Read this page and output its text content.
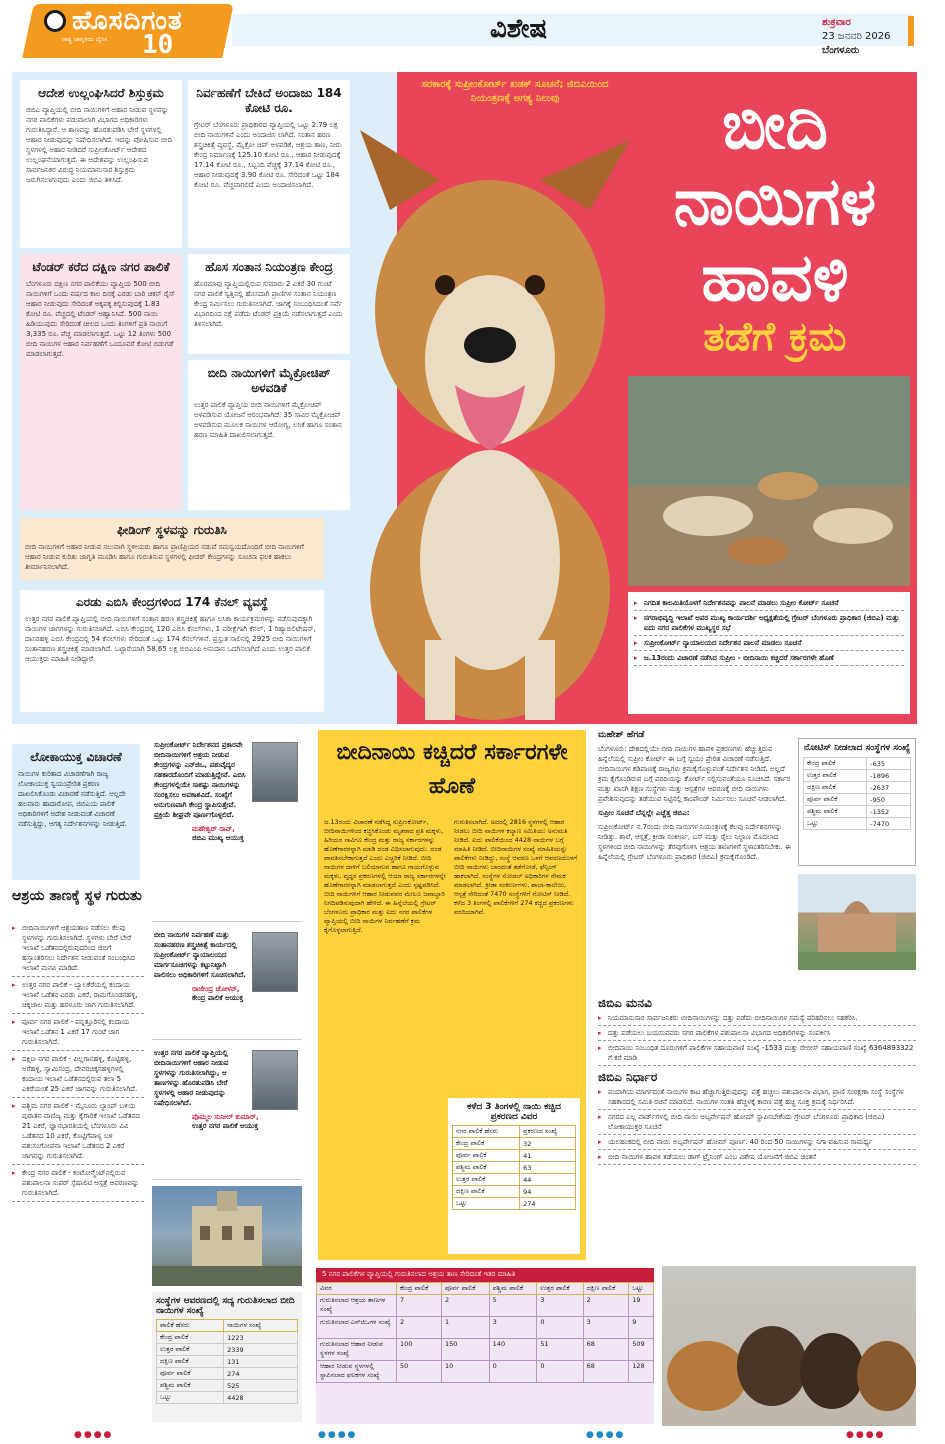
ಹೊಸದಿಗಂತ
ರಾಷ್ಟ್ರ ಜಾಗೃತಿಯ ದೈನಿಕ 10
ವಿಶೇಷ	ಶುಕ್ರವಾರ
23 ಜನವರಿ 2026
ಬೆಂಗಳೂರು
ಆದೇಶ ಉಲ್ಲಂಘಿಸಿದರೆ ಶಿಸ್ತುಕ್ರಮ

ಜಿಬಿಎ ವ್ಯಾಪ್ತಿಯಲ್ಲಿ ಬೀದಿ ನಾಯಿಗಳಿಗೆ ಆಹಾರ ನೀಡುವ ಸ್ಥಳವನ್ನು ನಗರ ಪಾಲಿಕೆಗಳು ಪಡುವಾಲಾಗಿ ವಿಭಾಗದ ಅಧಿಕಾರಿಗಳು ಗುರುತಿಸಿದ್ದಾರೆ. ಆ ತಾಣವನ್ನು ಹೊರತುಪಡಿಸಿ ಬೇರೆ ಸ್ಥಳಗಳಲ್ಲಿ ಆಹಾರ ನೀಡುವುದನ್ನು ನಿಷೇಧಿಸಲಾಗಿದೆ. ಇದನ್ನು ಪೋಷಿಸುವ ಬೀದಿ ಸ್ಥಳಗಳಲ್ಲಿ ಆಹಾರ ನೀಡಿದರೆ ಸುಪ್ರೀಂಕೋರ್ಟ್ ಆದೇಶದ ಉಲ್ಲಂಘನೆಯಾಗುತ್ತದೆ. ಈ ಆದೇಶವನ್ನು ಉಲ್ಲಂಘಿಸುವ ಸಾರ್ವಜನಿಕರ ವಿರುದ್ಧ ನಿಯಮಾನುಸಾರ ಶಿಸ್ತುಕ್ರಮ ಜರುಗಿಸಲಾಗುವುದು ಎಂದು ಜಿಬಿಎ ತಿಳಿಸಿದೆ.

ನಿರ್ವಹಣೆಗೆ ಬೇಕಿದೆ ಅಂದಾಜು 184 ಕೋಟಿ ರೂ.

ಗ್ರೇಟರ್ ಬೆಂಗಳೂರು ಪ್ರಾಧಿಕಾರದ ವ್ಯಾಪ್ತಿಯಲ್ಲಿ ಒಟ್ಟು 2.79 ಲಕ್ಷ ಬೀದಿ ನಾಯಿಗಳಿವೆ ಎಂದು ಅಂದಾಜಿಸ ಲಾಗಿದೆ. ಸಂತಾನ ಹರಣ ಶಸ್ತ್ರಚಿಕಿತ್ಸೆ ವ್ಯವಸ್ಥೆ, ಮೈಕ್ರೋ ಚಿಪ್ ಅಳವಡಿಕೆ, ಆಶ್ರಯ ತಾಣ, ನೀರು ಕೇಂದ್ರ ನಿರ್ಮಾಣಕ್ಕೆ 125.10 ಕೋಟಿ ರೂ., ಆಹಾರ ನೀಡುವುದಕ್ಕೆ 17.14 ಕೋಟಿ ರೂ., ಸಿಬ್ಬಂದಿ ವೆಚ್ಚಕ್ಕೆ 37.14 ಕೋಟಿ ರೂ., ಆಹಾರ ನೀಡುವುದಕ್ಕೆ 3.90 ಕೋಟಿ ರೂ. ಸೇರಿದಂತೆ ಒಟ್ಟು 184 ಕೋಟಿ ರೂ. ವೆಚ್ಚವಾಗಲಿದೆ ಎಂದು ಅಂದಾಜಿಸಲಾಗಿದೆ.

ಟೆಂಡರ್ ಕರೆದ ದಕ್ಷಿಣ ನಗರ ಪಾಲಿಕೆ

ಬೆಂಗಳೂರು ದಕ್ಷಿಣ ನಗರ ಪಾಲಿಕೆಯು ವ್ಯಾಪ್ತಿಯ 500 ಬೀದಿ ನಾಯಿಗಳಿಗೆ ಒಂದು ವರ್ಷದ ಕಾಲ ದಿನಕ್ಕೆ ಎರಡು ಬಾರಿ ಚಿಕನ್ ರೈಸ್ ಆಹಾರ ನೀಡುವುದು ಸೇರಿದಂತೆ ಅಕ್ಕಪಕ್ಕ ಕಲ್ಪಿಸುವುದಕ್ಕೆ 1.83 ಕೋಟಿ ರೂ. ವೆಚ್ಚದಲ್ಲಿ ಟೆಂಡರ್ ಆಹ್ವಾನಿಸಿದೆ. 500 ನಾಯಿ ಹಿಡಿಯುವುದು ಸೇರಿದಂತೆ ಚೀಲದ ಒಂದು ತಿಂಗಳಿಗೆ ಪ್ರತಿ ನಾಯಿಗೆ 3,335 ರೂ. ವೆಚ್ಚ ಮಾಡಲಾಗುತ್ತದೆ. ಒಟ್ಟು 12 ತಿಂಗಳು 500 ಬೀದಿ ನಾಯಿಗಳ ಆಹಾರ ನಿರ್ವಹಣೆಗೆ ಒಂದೂವರೆ ಕೋಟಿ ಬಿಡುಗಡೆ ಮಾಡಲಾಗುತ್ತದೆ.

ಹೊಸ ಸಂತಾನ ನಿಯಂತ್ರಣ ಕೇಂದ್ರ

ಹೊರಮಾವು ವ್ಯಾಪ್ತಿಯಲ್ಲಿರುವ ಸುಮಾರು 2 ಎಕರೆ 30 ಗುಂಟೆ ನಗರ ಪಾಲಿಕೆ ಸ್ವತ್ತಿನಲ್ಲಿ ಹೊಸದಾಗಿ ಪ್ರಾಣಿಗಳ ಸಂತಾನ ನಿಯಂತ್ರಣ ಕೇಂದ್ರ ನಿರ್ಮಿಸಲು ಗುರುತಿಸಲಾಗಿದೆ. ಜಾಗಕ್ಕೆ ಸಂಬಂಧಿಸಿದಂತೆ ಸರ್ವೆ ವಿಭಾಗದಿಂದ ನಕ್ಷೆ ಪಡೆದು ಟೆಂಡರ್ ಪ್ರಕ್ರಿಯೆ ನಡೆಸಲಾಗುತ್ತದೆ ಎಂದು ತಿಳಿಸಲಾಗಿದೆ.

ಬೀದಿ ನಾಯಿಗಳಿಗೆ ಮೈಕ್ರೋಚಿಪ್ ಅಳವಡಿಕೆ

ಉತ್ತರ ಪಾಲಿಕೆ ವ್ಯಾಪ್ತಿಯ ಬೀದಿ ನಾಯಿಗಳಿಗೆ ಮೈಕ್ರೋಚಿಪ್ ಅಳವಡಿಸುವ ಯೋಜನೆ ಆರಂಭವಾಗಿದೆ. 35 ಸಾವಿರ ಮೈಕ್ರೋಚಿಪ್ ಅಳವಡಿಸುವ ಮೂಲಕ ನಾಯಿಗಳ ಆರೋಗ್ಯ, ಲಸಿಕೆ ಹಾಗೂ ಸಂತಾನ ಹರಣ ಮಾಹಿತಿ ದಾಖಲಿಸಲಾಗುತ್ತದೆ.

ಫೀಡಿಂಗ್ ಸ್ಥಳವನ್ನು ಗುರುತಿಸಿ

ಬೀದಿ ನಾಯಿಗಳಿಗೆ ಆಹಾರ ನೀಡುವ ಸಲುವಾಗಿ ಸ್ಥಳೀಯರು ಹಾಗೂ ಪ್ರಾಣಿಪ್ರಿಯರ ನಡುವೆ ಸಮನ್ವಯದೊಂದಿಗೆ ಬೀದಿ ನಾಯಿಗಳಿಗೆ ಆಹಾರ ನೀಡುವ ಕುರಿತು ಜಾಗೃತಿ ಮೂಡಿಸಿ ಹಾಗೂ ಗುರುತಿಸುವ ಸ್ಥಳಗಳಲ್ಲಿ ಫೀಡರ್ ಕೇಂದ್ರಗಳನ್ನು ಸೂಚನಾ ಫಲಕ ಹಾಕಲು ತೀರ್ಮಾನಿಸಲಾಗಿದೆ.

ಎರಡು ಎಬಿಸಿ ಕೇಂದ್ರಗಳಿಂದ 174 ಕೆನಲ್ ವ್ಯವಸ್ಥೆ

ಉತ್ತರ ನಗರ ಪಾಲಿಕೆ ವ್ಯಾಪ್ತಿಯಲ್ಲಿ ಬೀದಿ ನಾಯಿಗಳಿಗೆ ಸಂತಾನ ಹರಣ ಶಸ್ತ್ರಚಿಕಿತ್ಸೆ ಹಾಗೂ ಲಸಿಕಾ ಕಾರ್ಯಕ್ರಮಗಳನ್ನು ನಡೆಸುವುದಕ್ಕಾಗಿ ನಾಯಿಗಳ ಜಾಗಗಳನ್ನು ಗುರುತಿಸಲಾಗಿದೆ. ಎಬಿಸಿ ಕೇಂದ್ರದಲ್ಲಿ 120 ಎಬಿಸಿ ಕೆನಲ್‌ಗಳು, 1 ಪರೀಕ್ಷೆಗಾಗಿ ಕೆನಲ್, 1 ರಿಹ್ಯಾಬಿಲಿಟೇಷನ್, ದಾಸರಹಳ್ಳಿ ಎಬಿಸಿ ಕೇಂದ್ರದಲ್ಲಿ 54 ಕೆನಲ್‌ಗಳು ಸೇರಿದಂತೆ ಒಟ್ಟು 174 ಕೆನಲ್‌ಗಳಿವೆ. ಪ್ರಸ್ತುತ ಸಾಲಿನಲ್ಲಿ 2925 ಬೀದಿ ನಾಯಿಗಳಿಗೆ ಸಂತಾನಹರಣ ಶಸ್ತ್ರಚಿಕಿತ್ಸೆ ಮಾಡಲಾಗಿದೆ. ಒಟ್ಟಾರೆಯಾಗಿ 58,65 ಲಕ್ಷ ಬಿಬಿಎಂಪಿ ಅನುದಾನ ಒದಗಿಸಲಾಗಿದೆ ಎಂದು ಉತ್ತರ ಪಾಲಿಕೆ ಆಯುಕ್ತರು ಮಾಹಿತಿ ನೀಡಿದ್ದಾರೆ.

ಸರಕಾರಕ್ಕೆ ಸುಪ್ರೀಂಕೋರ್ಟ್ ಖಡಕ್ ಸೂಚನೆ; ಜಿಬಿಎಯಿಂದ ನಿಯಂತ್ರಣಕ್ಕೆ ಅಗತ್ಯ ನಿಲುವು	ಬೀದಿ ನಾಯಿಗಳ ಹಾವಳಿ
ತಡೆಗೆ ಕ್ರಮ
▸ ನಿಗದಿತ ಕಾಲಮಿತಿಯೊಳಗೆ ನಿರ್ದೇಶನವನ್ನು ಪಾಲನೆ ಮಾಡಲು ಸುಪ್ರೀಂ ಕೋರ್ಟ್ ಸೂಚನೆ
▸ ನಗರಾಭಿವೃದ್ಧಿ ಇಲಾಖೆ ಅಪರ ಮುಖ್ಯ ಕಾರ್ಯದರ್ಶಿ ಅಧ್ಯಕ್ಷತೆಯಲ್ಲಿ ಗ್ರೇಟರ್ ಬೆಂಗಳೂರು ಪ್ರಾಧಿಕಾರ (ಜಿಬಿಎ) ಮತ್ತು ಐದು ನಗರ ಪಾಲಿಕೆಗಳ ಮುಖ್ಯಸ್ಥರ ಸಭೆ
▸ ಸುಪ್ರೀಂಕೋರ್ಟ್ ನ್ಯಾಯಾಲಯದ ನಿರ್ದೇಶನ ಪಾಲನೆ ಮಾಡಲು ಸೂಚನೆ
▸ ಜ.13ರಂದು ವಿಚಾರಣೆ ನಡೆಸಿದ ಸುಪ್ರೀಂ - ಬೀದಿನಾಯಿ ಕಚ್ಚಿದರೆ ಸರ್ಕಾರಗಳೇ ಹೊಣೆ
ಲೋಕಾಯುಕ್ತ ವಿಚಾರಣೆ

ನಾಯಿಗಳ ಕುರಿತಾದ ವಿಚಾರಣೆಗಾಗಿ ರಾಜ್ಯ ಲೋಕಾಯುಕ್ತ ಸ್ವಯಂಪ್ರೇರಿತ ಪ್ರಕರಣ ದಾಖಲಿಸಿಕೊಂಡು ವಿಚಾರಣೆ ನಡೆಸುತ್ತಿದೆ. ಅಲ್ಲದೇ ಹಲವಾರು ಹಾದಾರೋಪ, ಜಿಬಿಎಯ ಪಾಲಿಕೆ ಅಧಿಕಾರಿಗಳಿಗೆ ಆದೇಶ ನೀಡುವಂತೆ ವಿಚಾರಣೆ ನಡೆಸುತ್ತಿದ್ದು, ಆಗತ್ಯ ನಿರ್ದೇಶನಗಳನ್ನು ನೀಡುತ್ತಿದೆ.

ಆಶ್ರಯ ತಾಣಕ್ಕೆ ಸ್ಥಳ ಗುರುತು
▸ ಬೀದಿನಾಯಿಗಳಿಗೆ ಆಶ್ರಯತಾಣ ನಡೆಸಲು ಕೆಲವು ಸ್ಥಳಗಳನ್ನು ಗುರುತಿಸಲಾಗಿದೆ. ಸ್ಥಳಗಳು ಬೇರೆ ಬೇರೆ ಇಲಾಖೆ ಒಡೆತನದಲ್ಲಿರುವುದರಿಂದ ಜಿಬಿಗೆ ಹಸ್ತಾಂತರಿಸಲು ನಿರ್ದೇಶನ ನೀಡುವಂತೆ ಸಂಬಂಧಿಸಿದ ಇಲಾಖೆ ಮನವಿ ಮಾಡಿದೆ.
▸ ಉತ್ತರ ನಗರ ಪಾಲಿಕೆ - ಬ್ಯಾಲಕೆರೆಯಲ್ಲಿ ಕಂದಾಯ ಇಲಾಖೆ ಒಡೆತನ ಎರಡು ಎಕರೆ, ರಾಮಗೊಂಡನಹಳ್ಳಿ, ಚಿಕ್ಕಜಾಲ ಮತ್ತು ಹರಳೂರು ಜಾಗ ಗುರುತಿಸಲಾಗಿದೆ.
▸ ಪೂರ್ವ ನಗರ ಪಾಲಿಕೆ - ಪನ್ನತ್ತೂರಿನಲ್ಲಿ ಕಂದಾಯ ಇಲಾಖೆ ಒಡೆತನ 1 ಎಕರೆ 17 ಗುಂಟೆ ಜಾಗ ಗುರುತಿಸಲಾಗಿದೆ.
▸ ದಕ್ಷಿಣ ನಗರ ಪಾಲಿಕೆ - ಪಿಲ್ಲಗಾನಹಳ್ಳಿ, ಕೊಟ್ಟಿಹಳ್ಳಿ, ಅರೆಹಳ್ಳಿ, ಸ್ವಾಮಿಸಂದ್ರ, ದೇವರಚಿಕ್ಕನಹಳ್ಳಿಗಳಲ್ಲಿ ಕಂದಾಯ ಇಲಾಖೆ ಒಡೆತನದಲ್ಲಿರುವ ತಲಾ 5 ಎಕರೆಯಂತೆ 25 ಎಕರೆ ಜಾಗವನ್ನು ಗುರುತಿಸಲಾಗಿದೆ.
▸ ಪಶ್ಚಿಮ ನಗರ ಪಾಲಿಕೆ - ಮೈಸೂರು ಲ್ಯಾಂಪ್ ಬಳಿಯ ಪುರಾತನ ವಾಣಿಜ್ಯ ಮತ್ತು ಕೈಗಾರಿಕೆ ಇಲಾಖೆ ಒಡೆತನದ 21 ಎಕರೆ, ಜ್ಞಾನಭಾರತಿಯಲ್ಲಿ ಬೆಂಗಳೂರು ವಿವಿ ಒಡೆತನದ 10 ಎಕರೆ, ಕೊಟ್ಟಿಗೆಪಾಳ್ಯ ಬಳಿ ಪಶುಸಂಗೋಪನಾ ಇಲಾಖೆ ಒಡೆತನದ 2 ಎಕರೆ ಜಾಗವನ್ನು ಗುರುತಿಸಲಾಗಿದೆ.
▸ ಕೇಂದ್ರ ನಗರ ಪಾಲಿಕೆ - ಕಂಟೋನ್ಮೆಂಟ್‌ನಲ್ಲಿರುವ ಪಶುಪಾಲನಾ ಸುಪರ್ ಸ್ಪೆಷಾಲಿಟಿ ಆಸ್ಪತ್ರೆ ಆವರಣವನ್ನು ಗುರುತಿಸಲಾಗಿದೆ.

ಸುಪ್ರೀಂಕೋರ್ಟ್ ನಿರ್ದೇಶನದ ಪ್ರಕಾರವೇ ಬೀದಿನಾಯಿಗಳಿಗೆ ಆಶ್ರಯ ನೀಡುವ ಕೇಂದ್ರಗಳನ್ನು ಎನ್‌ಜಿಒ, ಪಶುವೈದ್ಯರ ಸಹಕಾರದೊಂದಿಗೆ ಮಾಡುತ್ತಿದ್ದೇವೆ. ಎಬಿಸಿ ಕೇಂದ್ರಗಳಲ್ಲಿಯೇ ಸಾಕಷ್ಟು ನಾಯಿಗಳನ್ನು ಸಂರಕ್ಷಿಸಲು ಅವಕಾಶವಿದೆ. ಸಂಖ್ಯೆಗೆ ಅನುಗುಣವಾಗಿ ಕೇಂದ್ರ ಸ್ಥಾಪಿಸುತ್ತೇವೆ. ಪ್ರಕ್ರಿಯೆ ಶೀಘ್ರವೇ ಪೂರ್ಣಗೊಳ್ಳಲಿದೆ.

ಮಹೇಶ್ವರ್ ರಾವ್,
ಜಿಬಿಎ ಮುಖ್ಯ ಆಯುಕ್ತ

ಬೀದಿ ನಾಯಿಗಳ ನಿರ್ವಹಣೆ ಮತ್ತು ಸಂತಾನಹರಣ ಶಸ್ತ್ರಚಿಕಿತ್ಸೆ ಕಾರ್ಯದಲ್ಲಿ ಸುಪ್ರೀಂಕೋರ್ಟ್ ನ್ಯಾಯಾಲಯದ ಮಾರ್ಗಸೂಚಿಗಳನ್ನು ಕಟ್ಟುನಿಟ್ಟಾಗಿ ಪಾಲಿಸಲು ಅಧಿಕಾರಿಗಳಿಗೆ ಸೂಚಿಸಲಾಗಿದೆ.

ರಾಜೇಂದ್ರ ಚೋಳನ್,
ಕೇಂದ್ರ ಪಾಲಿಕೆ ಆಯುಕ್ತ

ಉತ್ತರ ನಗರ ಪಾಲಿಕೆ ವ್ಯಾಪ್ತಿಯಲ್ಲಿ ಬೀದಿನಾಯಿಗಳಿಗೆ ಆಹಾರ ನೀಡುವ ಸ್ಥಳಗಳನ್ನು ಗುರುತಿಸಲಾಗಿದ್ದು, ಆ ತಾಣಗಳನ್ನು ಹೊರತುಪಡಿಸಿ ಬೇರೆ ಸ್ಥಳಗಳಲ್ಲಿ ಆಹಾರ ನೀಡುವುದನ್ನು ನಿಷೇಧಿಸಲಾಗಿದೆ.

ಪೊಮ್ಮಲ ಸುನೀಲ್ ಕುಮಾರ್,
ಉತ್ತರ ನಗರ ಪಾಲಿಕೆ ಆಯುಕ್ತ
ಸಂಸ್ಥೆಗಳ ಆವರಣದಲ್ಲಿ ಸದ್ಯ ಗುರುತಿಸಲಾದ ಬೀದಿ ನಾಯಿಗಳ ಸಂಖ್ಯೆ
ಪಾಲಿಕೆ ಹೆಸರು	ನಾಯಿಗಳ ಸಂಖ್ಯೆ
ಕೇಂದ್ರ ಪಾಲಿಕೆ	1223
ಉತ್ತರ ಪಾಲಿಕೆ	2339
ದಕ್ಷಿಣ ಪಾಲಿಕೆ	131
ಪೂರ್ವ ಪಾಲಿಕೆ	274
ಪಶ್ಚಿಮ ಪಾಲಿಕೆ	525
ಒಟ್ಟು	4428
ಬೀದಿನಾಯಿ ಕಚ್ಚಿದರೆ ಸರ್ಕಾರಗಳೇ ಹೊಣೆ

ಜ.13ರಂದು ವಿಚಾರಣೆ ನಡೆಸಿದ್ದ ಸುಪ್ರೀಂಕೋರ್ಟ್, ಬೀದಿನಾಯಿಗಳಿಂದ ಕಚ್ಚಿಸಿಕೊಂಡು ಮೃತರಾದ ಪ್ರತಿ ಮಕ್ಕಳು, ಹಿರಿಯರ ಸಾವಿಗೂ ಕೇಂದ್ರ ಮತ್ತು ರಾಜ್ಯ ಸರ್ಕಾರಗಳನ್ನು ಹೊಣೆಗಾರರನ್ನಾಗಿ ಮಾಡಿ ದಂಡ ವಿಧಿಸಲಾಗುವುದು. ದಂಡ ಪಾವತಿಸಬೇಕಾಗುತ್ತದೆ ಎಂದು ಎಚ್ಚರಿಕೆ ನೀಡಿದೆ. ಬೀದಿ ನಾಯಿಗಳ ದಾಳಿಗೆ ಬಲಿಯಾಗುವ ಹಾಗೂ ಗಾಯಗೊಳ್ಳುವ ಮಕ್ಕಳು, ವೃದ್ಧರ ಪ್ರಕರಣಗಳಲ್ಲಿ ಆಯಾ ರಾಜ್ಯ ಸರ್ಕಾರಗಳನ್ನೇ ಹೊಣೆಗಾರರನ್ನಾಗಿ ಮಾಡಲಾಗುತ್ತದೆ ಎಂದು ಸ್ಪಷ್ಟಪಡಿಸಿದೆ. ಬೀದಿ ನಾಯಿಗಳಿಗೆ ಆಹಾರ ನೀಡುವವರ ಮೇಲೂ ಜವಾಬ್ದಾರಿ ನಿಗದಿಪಡಿಸುವುದಾಗಿ ಹೇಳಿದೆ. ಈ ಹಿನ್ನೆಲೆಯಲ್ಲಿ ಗ್ರೇಟರ್ ಬೆಂಗಳೂರು ಪ್ರಾಧಿಕಾರ ಮತ್ತು ಐದು ನಗರ ಪಾಲಿಕೆಗಳ ವ್ಯಾಪ್ತಿಯಲ್ಲಿ ಬೀದಿ ನಾಯಿಗಳ ನಿರ್ವಹಣೆಗೆ ಕ್ರಮ ಕೈಗೊಳ್ಳಲಾಗುತ್ತಿದೆ.

ಗುರುತಿಸಲಾಗಿದೆ. ಅದರಲ್ಲಿ 2816 ಸ್ಥಳಗಳಲ್ಲಿ ಆಹಾರ ನೀಡಲು ಬೀದಿ ನಾಯಿಗಳ ಕಲ್ಯಾಣ ಸಮಿತಿಯು ಅನುಮತಿ ನೀಡಿದೆ. ಐದು ಪಾಲಿಕೆಯಿಂದ 4428 ನಾಯಿಗಳ ಬಗ್ಗೆ ಮಾಹಿತಿ ನೀಡಿದೆ. ಬೀದಿನಾಯಿಗಳ ಸಂಖ್ಯೆ ಮಾಹಿತಿಯನ್ನು ಪಾಲಿಕೆಗಳು ನೀಡಿದ್ದು, ಸಂಸ್ಥೆ ಆವರಣ ಒಳಗೆ ಆವರಣದೊಳಗೆ ಬೀದಿ ನಾಯಿಗಳು ಬಾರದಂತೆ ತಡೆಗೋಡೆ, ಫೆನ್ಸಿಂಗ್ ಹಾಕಲಾಗಿದೆ. ಸಂಸ್ಥೆಗಳ ನೋಡಲ್ ಅಧಿಕಾರಿಗಳ ನೇಮಕ ಮಾಡಲಾಗಿದೆ. ಕ್ರೀಡಾ ಸಂಕೀರ್ಣಗಳು, ಶಾಲಾ-ಕಾಲೇಜು, ಆಸ್ಪತ್ರೆ ಸೇರಿದಂತೆ 7470 ಸಂಸ್ಥೆಗಳಿಗೆ ನೋಟಿಸ್ ನೀಡಿದೆ. ಕಳೆದ 3 ತಿಂಗಳಲ್ಲಿ ಪಾಲಿಕೆಗಳಿಗೆ 274 ಕಚ್ಚಿದ ಪ್ರಕರಣಗಳು ವರದಿಯಾಗಿವೆ.

ಕಳೆದ 3 ತಿಂಗಳಲ್ಲಿ ನಾಯಿ ಕಚ್ಚಿದ ಪ್ರಕರಣದ ವಿವರ
ನಗರ ಪಾಲಿಕೆ ಹೆಸರು	ಪ್ರಕರಣದ ಸಂಖ್ಯೆ
ಕೇಂದ್ರ ಪಾಲಿಕೆ	32
ಪೂರ್ವ ಪಾಲಿಕೆ	41
ಪಶ್ಚಿಮ ಪಾಲಿಕೆ	63
ಉತ್ತರ ಪಾಲಿಕೆ	44
ದಕ್ಷಿಣ ಪಾಲಿಕೆ	94
ಒಟ್ಟು	274
ಮಹೇಶ್ ಹೆಗಡೆ

ಬೆಂಗಳೂರು: ದೇಶದಲ್ಲಿಯೇ ಬೀದಿ ನಾಯಿಗಳ ಹಾವಳಿ ಪ್ರಕರಣಗಳು ಹೆಚ್ಚುತ್ತಿರುವ ಹಿನ್ನೆಲೆಯಲ್ಲಿ ಸುಪ್ರೀಂ ಕೋರ್ಟ್ ಈ ಬಗ್ಗೆ ಸ್ವಯಂ ಪ್ರೇರಿತ ವಿಚಾರಣೆ ನಡೆಸುತ್ತಿದೆ. ಬೀದಿನಾಯಿಗಳ ಕಡಿವಾಣಕ್ಕೆ ರಾಜ್ಯಗಳು ಕ್ರಮಕೈಗೊಳ್ಳುವಂತೆ ನಿರ್ದೇಶನ ನೀಡಿದೆ. ಅಲ್ಲದೆ ಕ್ರಮ ಕೈಗೊಂಡಿರುವ ಬಗ್ಗೆ ವರದಿಯನ್ನು ಕೋರ್ಟ್ ಸಲ್ಲಿಸುವಂತೆಯೂ ಸೂಚಿಸಿದೆ. ಸರ್ಕಾರ ಮತ್ತು ಖಾಸಗಿ ಶಿಕ್ಷಣ ಸಂಸ್ಥೆಗಳು ಮತ್ತು ಆಸ್ಪತ್ರೆಗಳ ಆವರಣಕ್ಕೆ ಬೀದಿ ನಾಯಿಗಳು ಪ್ರವೇಶಿಸುವುದನ್ನು ತಡೆಯುವ ನಿಟ್ಟಿನಲ್ಲಿ ಕಾಂಪೌಂಡ್ ನಿರ್ಮಿಸಲು ಸೂಚನೆ ನೀಡಲಾಗಿದೆ.

ಸುಪ್ರೀಂ ಸೂಚನೆ ಬೆನ್ನಲ್ಲೇ ಎಚ್ಚೆತ್ತ ಜಿಬಿಎ:

ಸುಪ್ರೀಂಕೋರ್ಟ್ ನ.7ರಂದು ಬೀದಿ ನಾಯಿಗಳ ನಿಯಂತ್ರಣಕ್ಕೆ ಕೆಲವು ನಿರ್ದೇಶನಗಳನ್ನು ನೀಡಿತ್ತು. ಶಾಲೆ, ಆಸ್ಪತ್ರೆ, ಕ್ರೀಡಾ ಸಂಕೀರ್ಣ, ಬಸ್ ಮತ್ತು ರೈಲು ನಿಲ್ದಾಣ ಮೊದಲಾದ ಸ್ಥಳಗಳಿಂದ ಬೀದಿ ನಾಯಿಗಳನ್ನು ತೆರವುಗೊಳಿಸಿ ಆಶ್ರಯ ತಾಣಗಳಿಗೆ ಸ್ಥಳಾಂತರಿಸಬೇಕು. ಈ ಹಿನ್ನೆಲೆಯಲ್ಲಿ ಗ್ರೇಟರ್ ಬೆಂಗಳೂರು ಪ್ರಾಧಿಕಾರ (ಜಿಬಿಎ) ಕ್ರಮಕೈಗೊಂಡಿದೆ.

ನೋಟಿಸ್ ನೀಡಲಾದ ಸಂಸ್ಥೆಗಳ ಸಂಖ್ಯೆ
ಕೇಂದ್ರ ಪಾಲಿಕೆ	-635
ಉತ್ತರ ಪಾಲಿಕೆ	-1896
ದಕ್ಷಿಣ ಪಾಲಿಕೆ	-2637
ಪೂರ್ವ ಪಾಲಿಕೆ	-950
ಪಶ್ಚಿಮ ಪಾಲಿಕೆ	-1352
ಒಟ್ಟು	-7470
ಜಿಬಿಎ ಮನವಿ
▸ ನಿಯಮಾನುಸಾರ ಸಾರ್ವಜನಿಕರು ಬೀದಿನಾಯಿಗಳನ್ನು ದತ್ತು ಪಡೆದು ಬೀದಿನಾಯಿಗಳ ಸಮಸ್ಯೆ ಪರಿಹರಿಸಲು ಸಹಕರಿಸಿ.
▸ ದತ್ತು ಪಡೆಯಲು ಬಯಸುವವರು ನಗರ ಪಾಲಿಕೆಗಳ ಪಶುಪಾಲನಾ ವಿಭಾಗದ ಅಧಿಕಾರಿಗಳನ್ನು ಸಂಪರ್ಕಿಸಿ
▸ ಬೀದಿನಾಯಿ ಸಂಬಂಧಿತ ದೂರುಗಳಿಗೆ ಪಾಲಿಕೆಗಳ ಸಹಾಯವಾಣಿ ಸಂಖ್ಯೆ -1533 ಮತ್ತು ರೇಬೀಸ್ ಸಹಾಯವಾಣಿ ಸಂಖ್ಯೆ 6364893322 ಗೆ ಕರೆ ಮಾಡಿ
ಜಿಬಿಎ ನಿರ್ಧಾರ
▸ ಪಯಾಗಿಯ ಮಾರ್ಗದಂತೆ ನಾಯಿಗಳ ಕಾಟ ಹೆಚ್ಚಾಗುತ್ತಿರುವುದನ್ನು ಪತ್ತೆ ಹಚ್ಚಲು ಪಶುಪಾಲನಾ ವಿಭಾಗ, ಪ್ರಾಣಿ ಸಂರಕ್ಷಣಾ ಸಂಸ್ಥೆ ಸಂಸ್ಥೆಗಳ ಸಹಕಾರದಲ್ಲಿ ಸಮಿತಿ ರಚನೆ ಮಾಡಲಿದೆ. ನಾಯಿಗಳ ಸಂತತಿ ಹೆಚ್ಚಳಕ್ಕೆ ಕಾರಣ ಪತ್ತೆ ಹಚ್ಚಿ ಸೂಕ್ತ ಕ್ರಮಕ್ಕೆ ನಿರ್ಧರಿಸಿದೆ.
▸ ನಗರದ ಎಲ್ಲ ವಾರ್ಡ್‌ಗಳಲ್ಲಿ ಬೀದಿ ನಾಯಿ ಅಬ್ಸರ್ವೇಷನ್ ಹೋಮ್ ಸ್ಥಾಪಿಸಬೇಕೆಂದು ಗ್ರೇಟರ್ ಬೆಂಗಳೂರು ಪ್ರಾಧಿಕಾರ (ಜಿಬಿಎ) ಲೋಕಾಯುಕ್ತರ ಸೂಚನೆ
▸ ಯಲಹಂಕದಲ್ಲಿ ಬೀದಿ ನಾಯಿ ಅಬ್ಸರ್ವೇಷನ್ ಹೋಮ್ ಪೂರ್ಣ. 40 ರಿಂದ 50 ನಾಯಿಗಳನ್ನು ನಿಗಾ ವಹಿಸುವ ಸಾಮರ್ಥ್ಯ
▸ ಬೀದಿ ನಾಯಿಗಳ ಹಾವಳಿ ತಡೆಯಲು ಡಾಗ್ ಟ್ರೈನಿಂಗ್ ಎಂಬ ವಿಶೇಷ ಯೋಜನೆಗೆ ಜಿಬಿಎ ಚಿಂತನೆ
5 ನಗರ ಪಾಲಿಕೆಗಳ ವ್ಯಾಪ್ತಿಯಲ್ಲಿ ಗುರುತಿಸಲಾದ ಆಶ್ರಯ ತಾಣ ಸೇರಿದಂತೆ ಇತರ ಮಾಹಿತಿ
ವಿವರ	ಕೇಂದ್ರ ಪಾಲಿಕೆ	ಪೂರ್ವ ಪಾಲಿಕೆ	ಪಶ್ಚಿಮ ಪಾಲಿಕೆ	ಉತ್ತರ ಪಾಲಿಕೆ	ದಕ್ಷಿಣ ಪಾಲಿಕೆ	ಒಟ್ಟು
ಗುರುತಿಸಲಾದ ಆಶ್ರಯ ತಾಣಗಳ ಸಂಖ್ಯೆ	7	2	5	3	2	19
ಗುರುತಿಸಲಾದ ಎನ್‌ಜಿಒಗಳ ಸಂಖ್ಯೆ	2	1	3	0	3	9
ಗುರುತಿಸಲಾದ ಆಹಾರ ನೀಡುವ ಸ್ಥಳಗಳ ಸಂಖ್ಯೆ	100	150	140	51	68	509
ಆಹಾರ ನೀಡುವ ಸ್ಥಳಗಳಲ್ಲಿ ಸ್ಥಾಪಿಸಲಾದ ಫಲಕಗಳ ಸಂಖ್ಯೆ	50	10	0	0	68	128
●●●●	●●●●	●●●●	●●●●
